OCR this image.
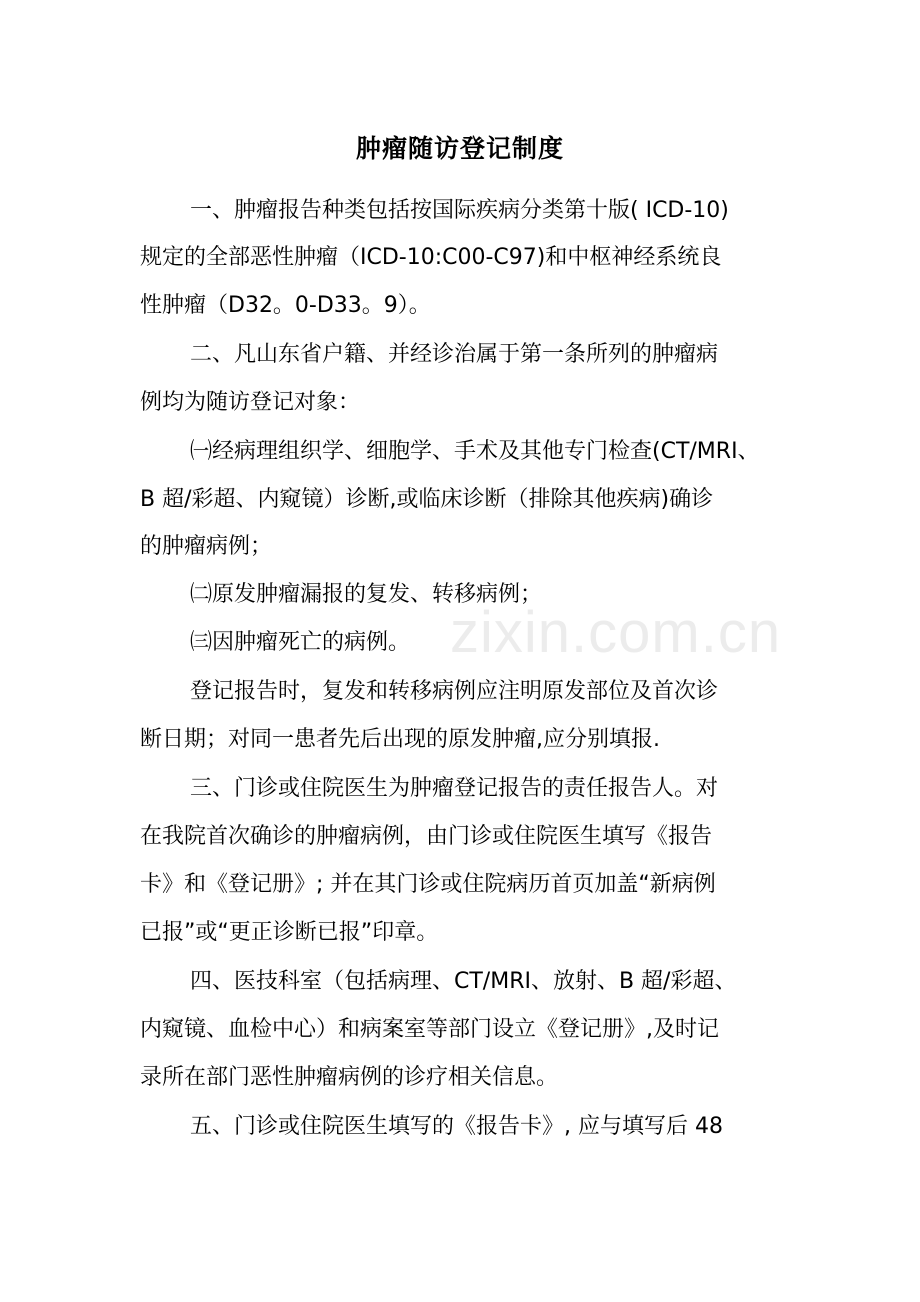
肿瘤随访登记制度
一、肿瘤报告种类包括按国际疾病分类第十版( ICD-10)
规定的全部恶性肿瘤（ICD-10:C00-C97)和中枢神经系统良
性肿瘤（D32。0-D33。9）。
二、凡山东省户籍、并经诊治属于第一条所列的肿瘤病
例均为随访登记对象：
㈠经病理组织学、细胞学、手术及其他专门检查(CT/MRI、
B 超/彩超、内窥镜）诊断,或临床诊断（排除其他疾病)确诊
的肿瘤病例；
㈡原发肿瘤漏报的复发、转移病例；
㈢因肿瘤死亡的病例。
登记报告时，复发和转移病例应注明原发部位及首次诊
断日期；对同一患者先后出现的原发肿瘤,应分别填报.
三、门诊或住院医生为肿瘤登记报告的责任报告人。对
在我院首次确诊的肿瘤病例，由门诊或住院医生填写《报告
卡》和《登记册》; 并在其门诊或住院病历首页加盖“新病例
已报”或“更正诊断已报”印章。
四、医技科室（包括病理、CT/MRI、放射、B 超/彩超、
内窥镜、血检中心）和病案室等部门设立《登记册》,及时记
录所在部门恶性肿瘤病例的诊疗相关信息。
五、门诊或住院医生填写的《报告卡》, 应与填写后 48
zixin.com.cn
